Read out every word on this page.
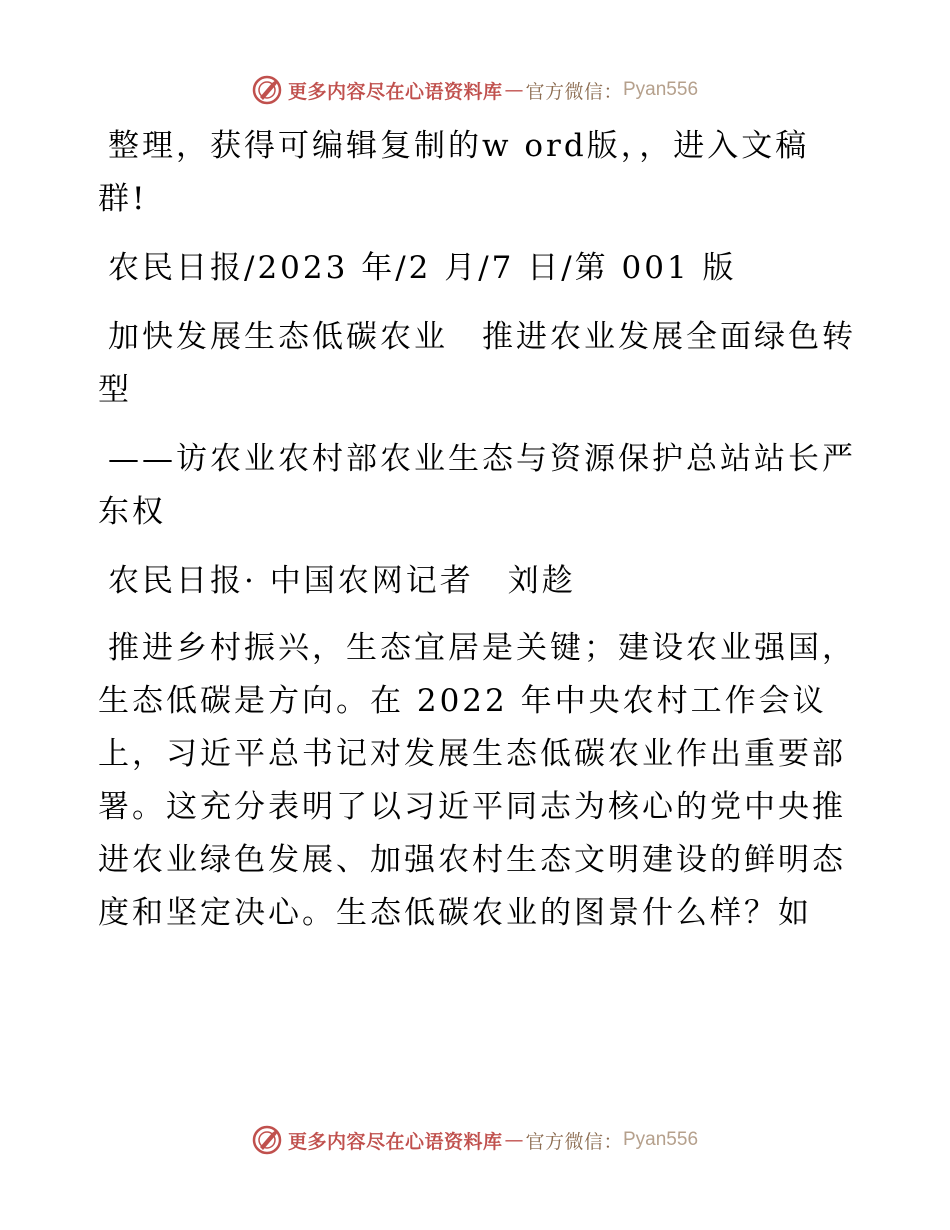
更多内容尽在心语资料库 — 官方微信： Pyan556

整理，获得可编辑复制的w ord版，，进入文稿群!

农民日报/2023 年/2 月/7 日/第 001 版

加快发展生态低碳农业　推进农业发展全面绿色转型

——访农业农村部农业生态与资源保护总站站长严东权

农民日报· 中国农网记者　刘趁

推进乡村振兴，生态宜居是关键；建设农业强国，生态低碳是方向。在 2022 年中央农村工作会议上，习近平总书记对发展生态低碳农业作出重要部署。这充分表明了以习近平同志为核心的党中央推进农业绿色发展、加强农村生态文明建设的鲜明态度和坚定决心。生态低碳农业的图景什么样？如

更多内容尽在心语资料库 — 官方微信： Pyan556
